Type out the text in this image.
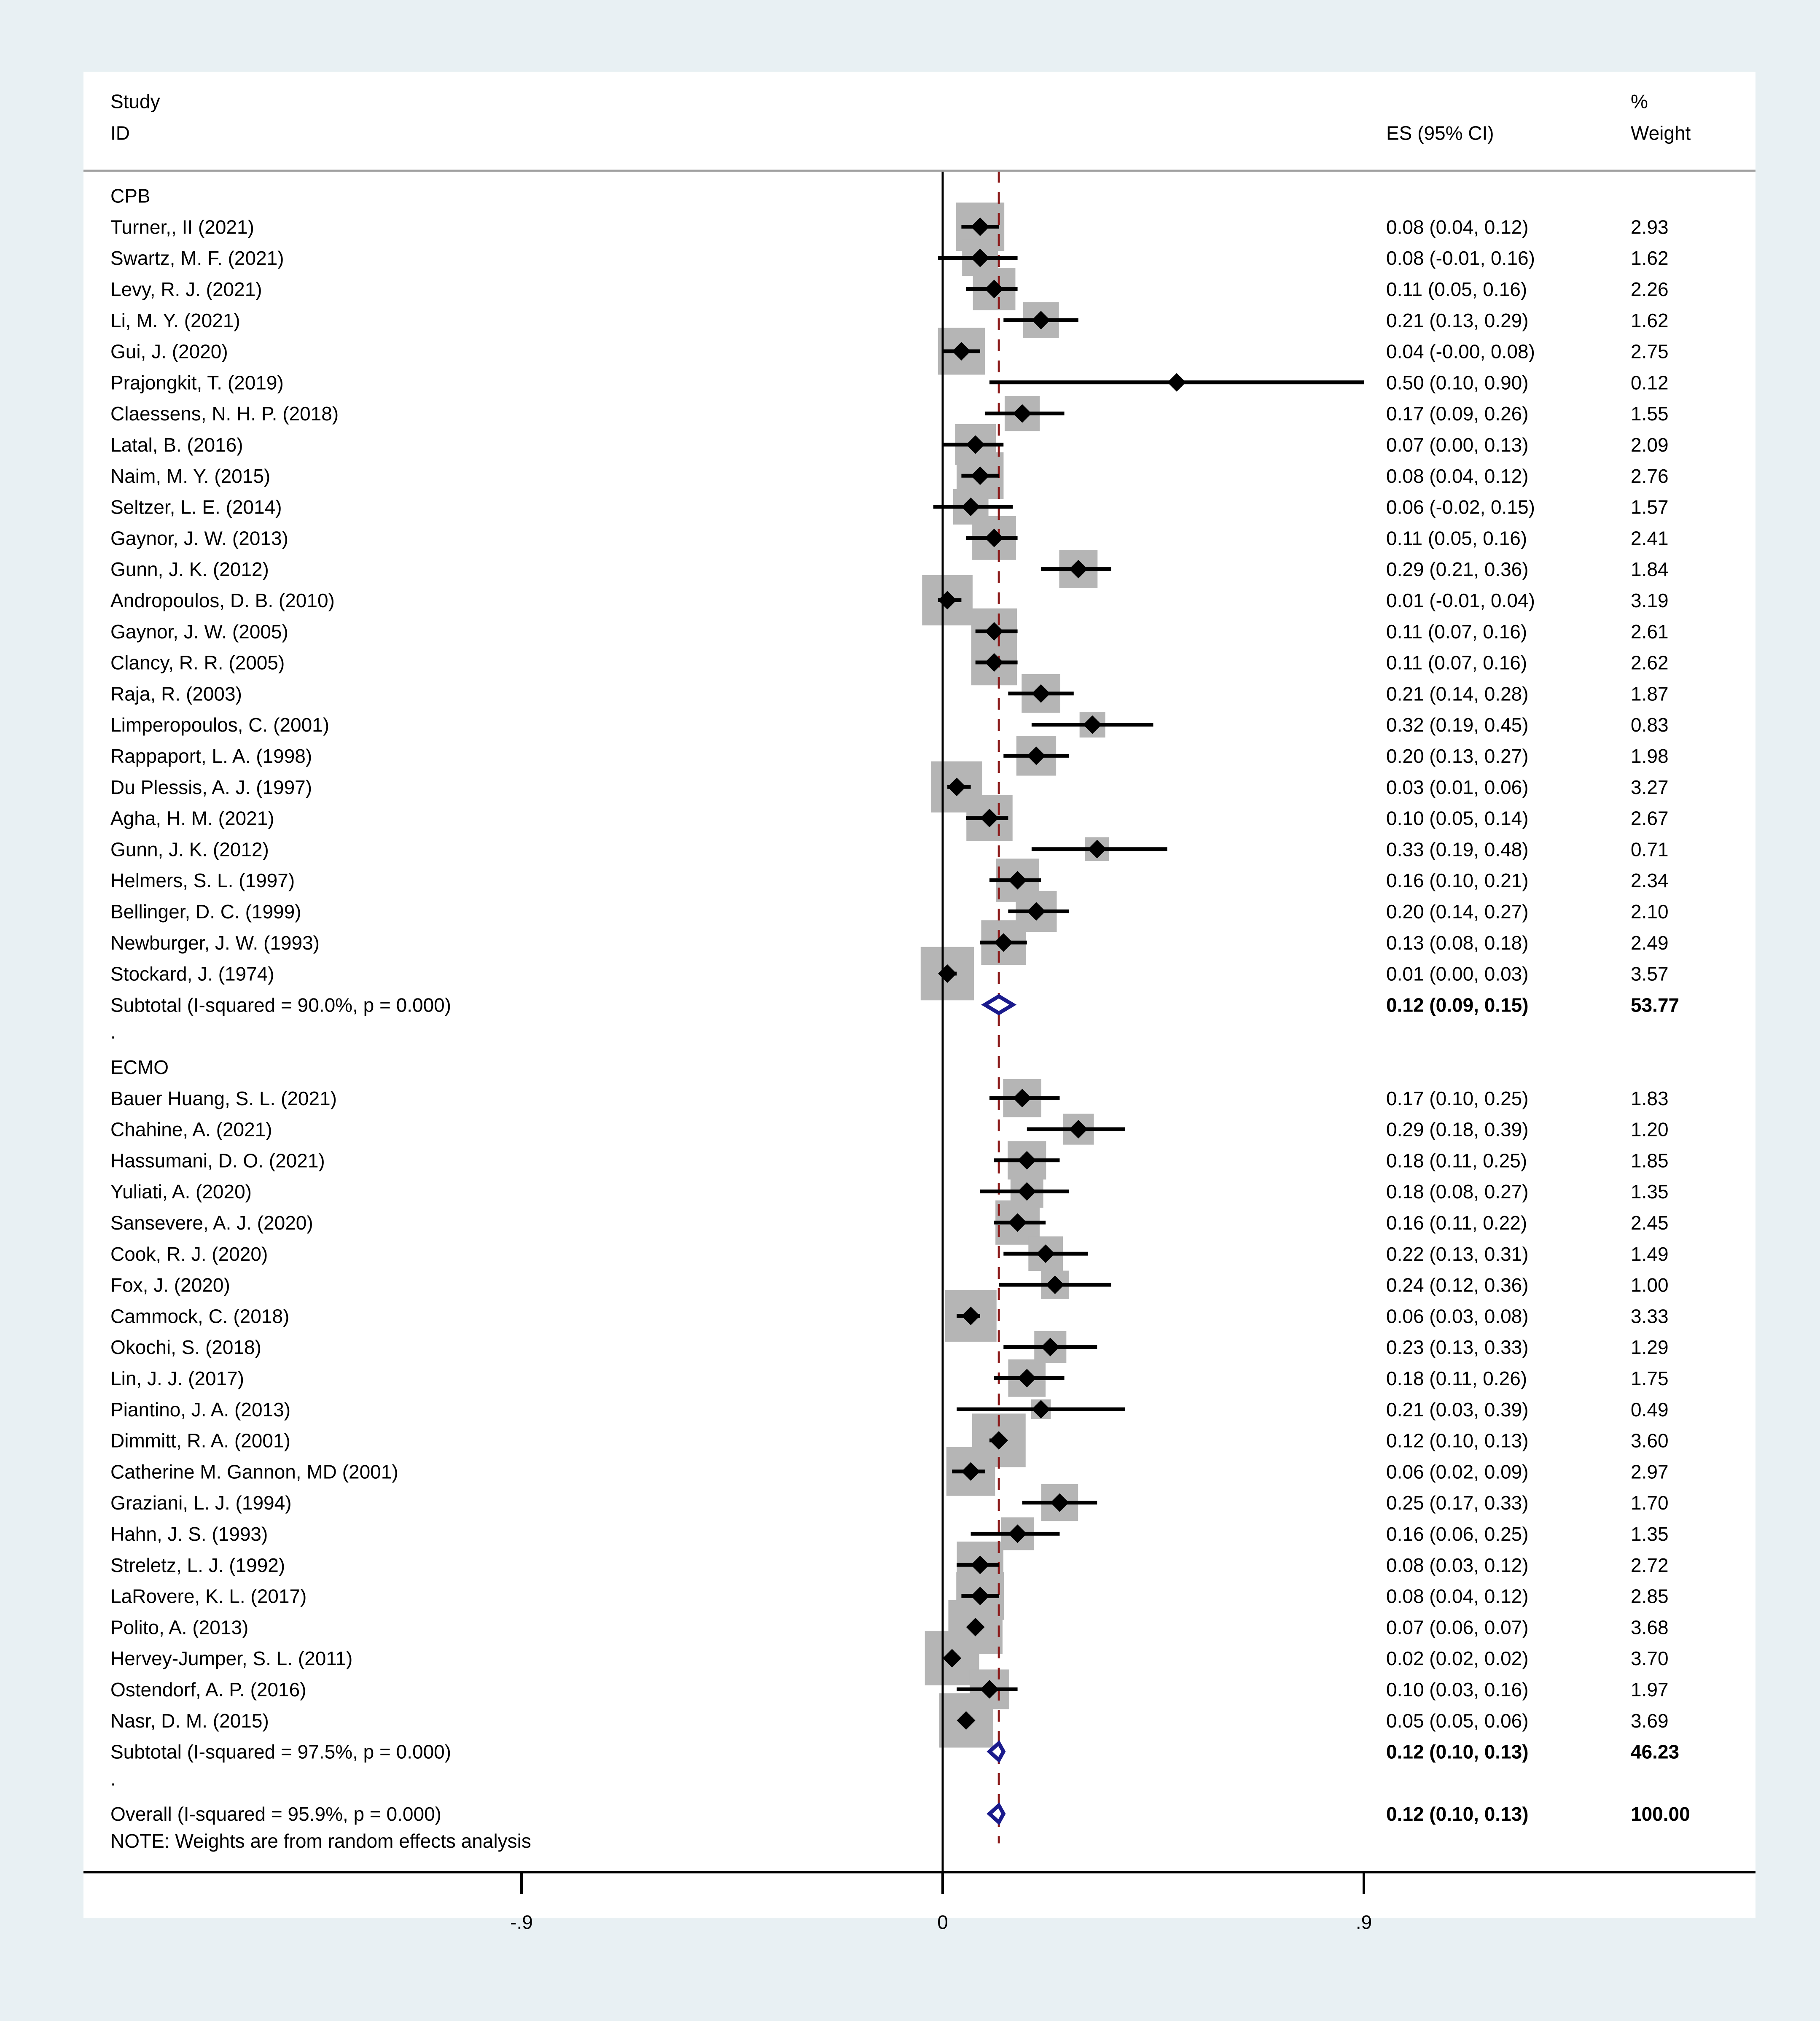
Study
ID	ES (95% CI)
%
Weight
CPB
Turner,, II (2021)	0.08 (0.04, 0.12)	2.93
Swartz, M. F. (2021)	0.08 (-0.01, 0.16)	1.62
Levy, R. J. (2021)	0.11 (0.05, 0.16)	2.26
Li, M. Y. (2021)	0.21 (0.13, 0.29)	1.62
Gui, J. (2020)	0.04 (-0.00, 0.08)	2.75
Prajongkit, T. (2019)	0.50 (0.10, 0.90)	0.12
Claessens, N. H. P. (2018)	0.17 (0.09, 0.26)	1.55
Latal, B. (2016)	0.07 (0.00, 0.13)	2.09
Naim, M. Y. (2015)	0.08 (0.04, 0.12)	2.76
Seltzer, L. E. (2014)	0.06 (-0.02, 0.15)	1.57
Gaynor, J. W. (2013)	0.11 (0.05, 0.16)	2.41
Gunn, J. K. (2012)	0.29 (0.21, 0.36)	1.84
Andropoulos, D. B. (2010)	0.01 (-0.01, 0.04)	3.19
Gaynor, J. W. (2005)	0.11 (0.07, 0.16)	2.61
Clancy, R. R. (2005)	0.11 (0.07, 0.16)	2.62
Raja, R. (2003)	0.21 (0.14, 0.28)	1.87
Limperopoulos, C. (2001)	0.32 (0.19, 0.45)	0.83
Rappaport, L. A. (1998)	0.20 (0.13, 0.27)	1.98
Du Plessis, A. J. (1997)	0.03 (0.01, 0.06)	3.27
Agha, H. M. (2021)	0.10 (0.05, 0.14)	2.67
Gunn, J. K. (2012)	0.33 (0.19, 0.48)	0.71
Helmers, S. L. (1997)	0.16 (0.10, 0.21)	2.34
Bellinger, D. C. (1999)	0.20 (0.14, 0.27)	2.10
Newburger, J. W. (1993)	0.13 (0.08, 0.18)	2.49
Stockard, J. (1974)	0.01 (0.00, 0.03)	3.57
Subtotal (I-squared = 90.0%, p = 0.000)	0.12 (0.09, 0.15)	53.77
.
ECMO
Bauer Huang, S. L. (2021)	0.17 (0.10, 0.25)	1.83
Chahine, A. (2021)	0.29 (0.18, 0.39)	1.20
Hassumani, D. O. (2021)	0.18 (0.11, 0.25)	1.85
Yuliati, A. (2020)	0.18 (0.08, 0.27)	1.35
Sansevere, A. J. (2020)	0.16 (0.11, 0.22)	2.45
Cook, R. J. (2020)	0.22 (0.13, 0.31)	1.49
Fox, J. (2020)	0.24 (0.12, 0.36)	1.00
Cammock, C. (2018)	0.06 (0.03, 0.08)	3.33
Okochi, S. (2018)	0.23 (0.13, 0.33)	1.29
Lin, J. J. (2017)	0.18 (0.11, 0.26)	1.75
Piantino, J. A. (2013)	0.21 (0.03, 0.39)	0.49
Dimmitt, R. A. (2001)	0.12 (0.10, 0.13)	3.60
Catherine M. Gannon, MD (2001)	0.06 (0.02, 0.09)	2.97
Graziani, L. J. (1994)	0.25 (0.17, 0.33)	1.70
Hahn, J. S. (1993)	0.16 (0.06, 0.25)	1.35
Streletz, L. J. (1992)	0.08 (0.03, 0.12)	2.72
LaRovere, K. L. (2017)	0.08 (0.04, 0.12)	2.85
Polito, A. (2013)	0.07 (0.06, 0.07)	3.68
Hervey-Jumper, S. L. (2011)	0.02 (0.02, 0.02)	3.70
Ostendorf, A. P. (2016)	0.10 (0.03, 0.16)	1.97
Nasr, D. M. (2015)	0.05 (0.05, 0.06)	3.69
Subtotal (I-squared = 97.5%, p = 0.000)	0.12 (0.10, 0.13)	46.23
.
Overall (I-squared = 95.9%, p = 0.000)	0.12 (0.10, 0.13)	100.00
NOTE: Weights are from random effects analysis
-.9	0	.9
